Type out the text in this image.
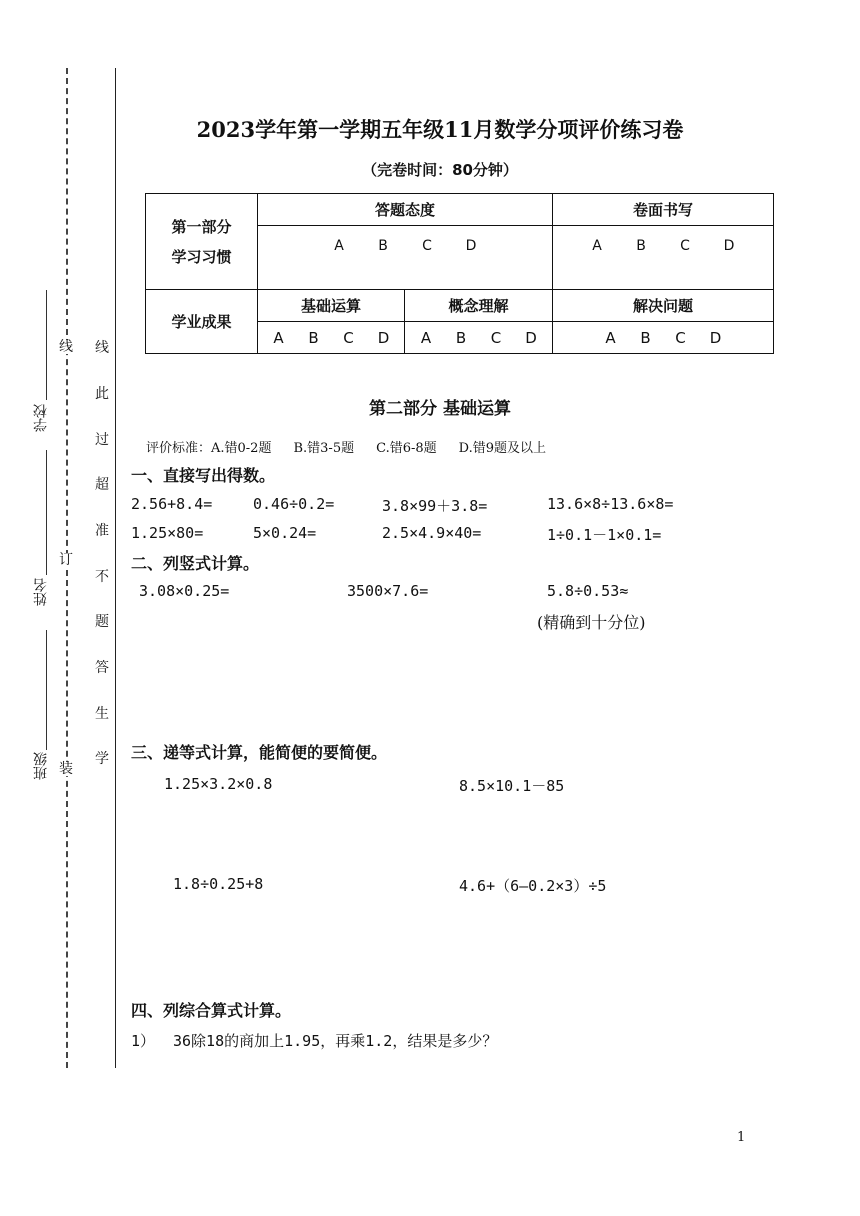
学校
姓名
班级 装
订
线
学
生
答
题
不
准
超
过
此
线
2023学年第一学期五年级11月数学分项评价练习卷
（完卷时间：80分钟）
第一部分
学习习惯	答题态度		卷面书写
	A B C D		A B C D
学业成果	基础运算	概念理解	解决问题
	A B C D	A B C D	A B C D
第二部分 基础运算
评价标准：A.错0-2题 B.错3-5题 C.错6-8题 D.错9题及以上
一、直接写出得数。
2.56+8.4=	0.46÷0.2=	3.8×99＋3.8=	13.6×8÷13.6×8=
1.25×80=	5×0.24=	2.5×4.9×40=	1÷0.1－1×0.1=
二、列竖式计算。
3.08×0.25=	3500×7.6=	5.8÷0.53≈
(精确到十分位)
三、递等式计算，能简便的要简便。
1.25×3.2×0.8	8.5×10.1－85
1.8÷0.25+8	4.6+（6—0.2×3）÷5
四、列综合算式计算。
1） 36除18的商加上1.95，再乘1.2，结果是多少？
1
